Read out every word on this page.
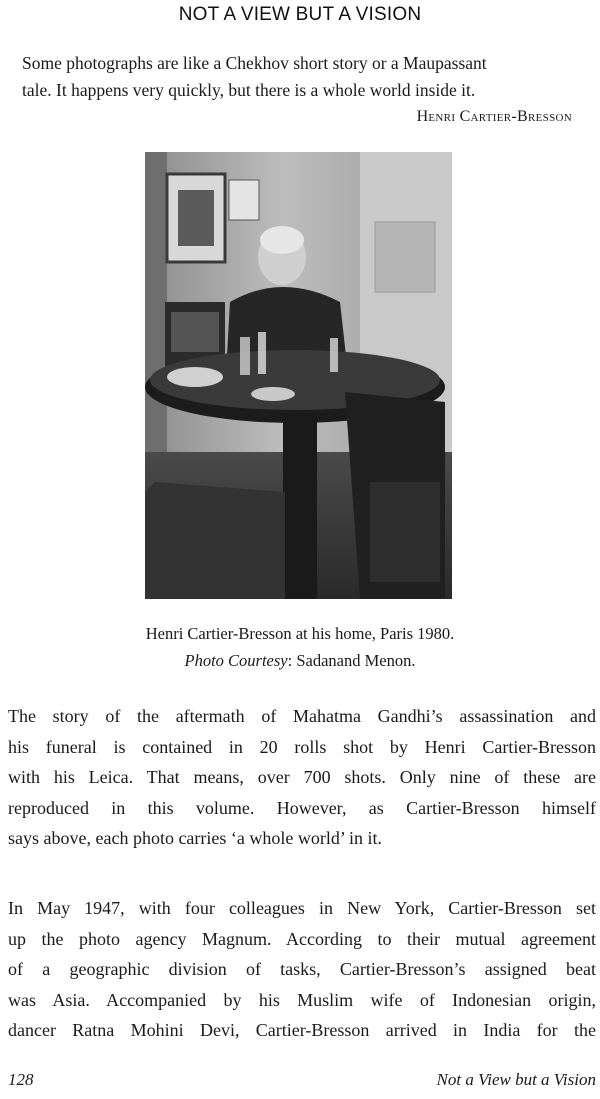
NOT A VIEW BUT A VISION
Some photographs are like a Chekhov short story or a Maupassant
tale. It happens very quickly, but there is a whole world inside it.
Henri Cartier-Bresson
Henri Cartier-Bresson at his home, Paris 1980.
Photo Courtesy: Sadanand Menon.
The story of the aftermath of Mahatma Gandhi’s assassination and
his funeral is contained in 20 rolls shot by Henri Cartier-Bresson
with his Leica. That means, over 700 shots. Only nine of these are
reproduced in this volume. However, as Cartier-Bresson himself
says above, each photo carries ‘a whole world’ in it.
In May 1947, with four colleagues in New York, Cartier-Bresson set
up the photo agency Magnum. According to their mutual agreement
of a geographic division of tasks, Cartier-Bresson’s assigned beat
was Asia. Accompanied by his Muslim wife of Indonesian origin,
dancer Ratna Mohini Devi, Cartier-Bresson arrived in India for the
128	Not a View but a Vision
